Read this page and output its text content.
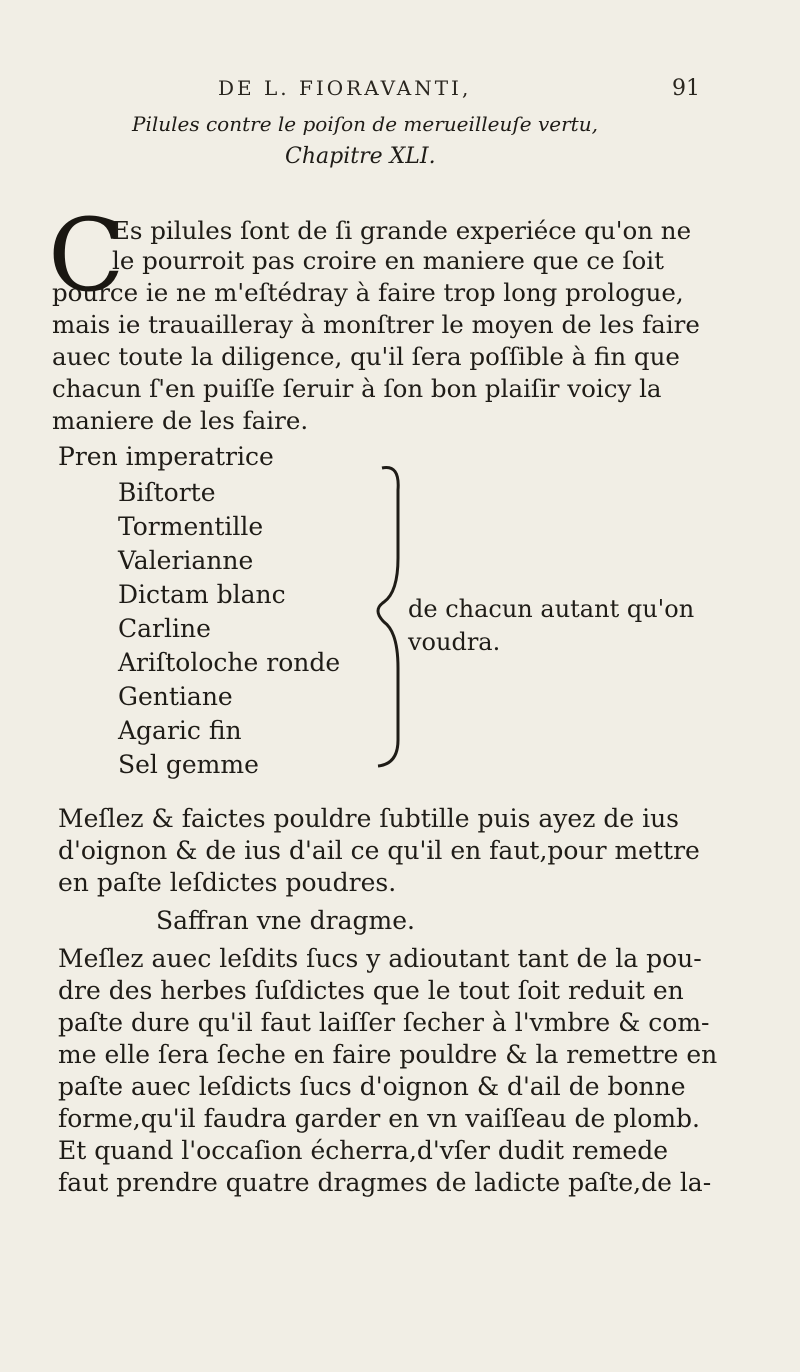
DE L. FIORAVANTI,	91
Pilules contre le poiſon de merueilleuſe vertu,
Chapitre XLI.
C
Es pilules ſont de ſi grande experiéce qu'on ne
le pourroit pas croire en maniere que ce ſoit
pource ie ne m'eſtédray à faire trop long prologue,
mais ie trauailleray à monſtrer le moyen de les faire
auec toute la diligence, qu'il ſera poſſible à fin que
chacun ſ'en puiſſe ſeruir à ſon bon plaiſir voicy la
maniere de les faire.
Pren imperatrice
Biſtorte
Tormentille
Valerianne
Dictam blanc
Carline
Ariſtoloche ronde
Gentiane
Agaric fin
Sel gemme
de chacun autant qu'on
voudra.
Meſlez & faictes pouldre ſubtille puis ayez de ius
d'oignon & de ius d'ail ce qu'il en faut,pour mettre
en paſte leſdictes poudres.
Saffran vne dragme.
Meſlez auec leſdits ſucs y adioutant tant de la pou-
dre des herbes ſuſdictes que le tout ſoit reduit en
paſte dure qu'il faut laiſſer ſecher à l'vmbre & com-
me elle ſera ſeche en faire pouldre & la remettre en
paſte auec leſdicts ſucs d'oignon & d'ail de bonne
forme,qu'il faudra garder en vn vaiſſeau de plomb.
Et quand l'occaſion écherra,d'vſer dudit remede
faut prendre quatre dragmes de ladicte paſte,de la-
